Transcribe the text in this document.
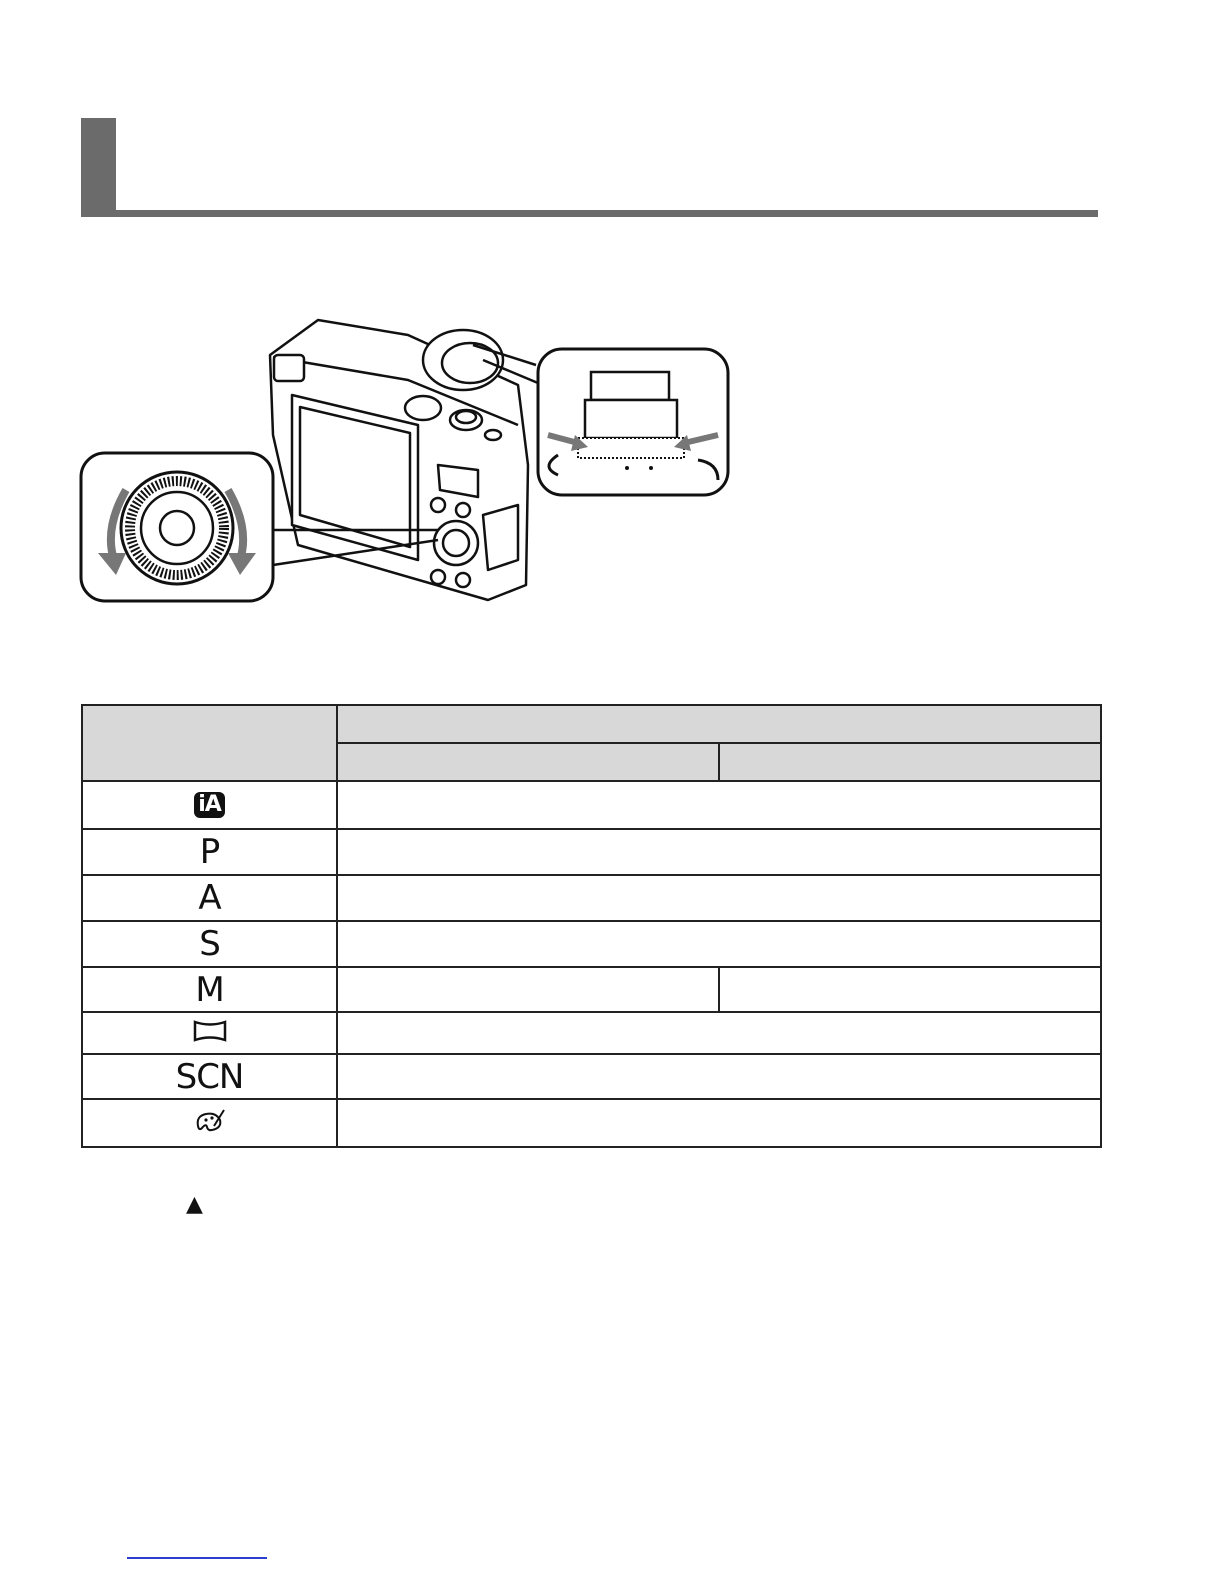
iA		
P		
A		
S		
M		

SCN		

▲
